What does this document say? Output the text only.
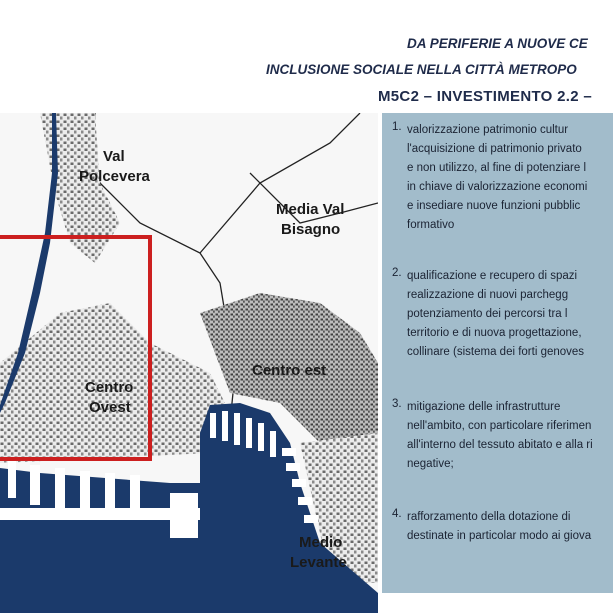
DA PERIFERIE A NUOVE CE
INCLUSIONE SOCIALE NELLA CITTÀ METROPO
M5C2 – INVESTIMENTO 2.2 –
Val
Polcevera
Media Val
Bisagno
Centro est
Centro
Ovest
Medio
Levante
1. valorizzazione patrimonio cultur
l'acquisizione di patrimonio privato
e non utilizzo, al fine di potenziare l
in chiave di valorizzazione economi
e insediare nuove funzioni pubblic
formativo
2. qualificazione e recupero di spazi
realizzazione di nuovi parchegg
potenziamento dei percorsi tra l
territorio e di nuova progettazione,
collinare (sistema dei forti genoves
3. mitigazione delle infrastrutture
nell'ambito, con particolare riferimen
all'interno del tessuto abitato e alla ri
negative;
4. rafforzamento della dotazione di
destinate in particolar modo ai giova
